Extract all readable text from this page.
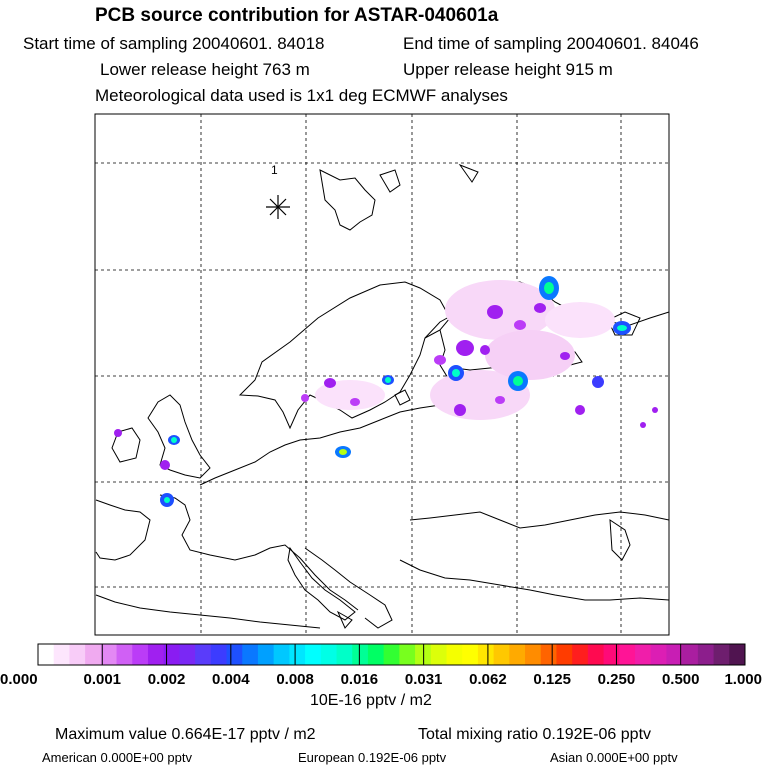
PCB source contribution for ASTAR-040601a
Start time of sampling 20040601. 84018	End time of sampling 20040601. 84046
Lower release height 763 m	Upper release height 915 m
Meteorological data used is 1x1 deg ECMWF analyses
1
0.000	0.001 0.002 0.004 0.008 0.016 0.031 0.062 0.125 0.250 0.500 1.000
10E-16 pptv / m2
Maximum value 0.664E-17 pptv / m2	Total mixing ratio 0.192E-06 pptv
American 0.000E+00 pptv	European 0.192E-06 pptv	Asian 0.000E+00 pptv
